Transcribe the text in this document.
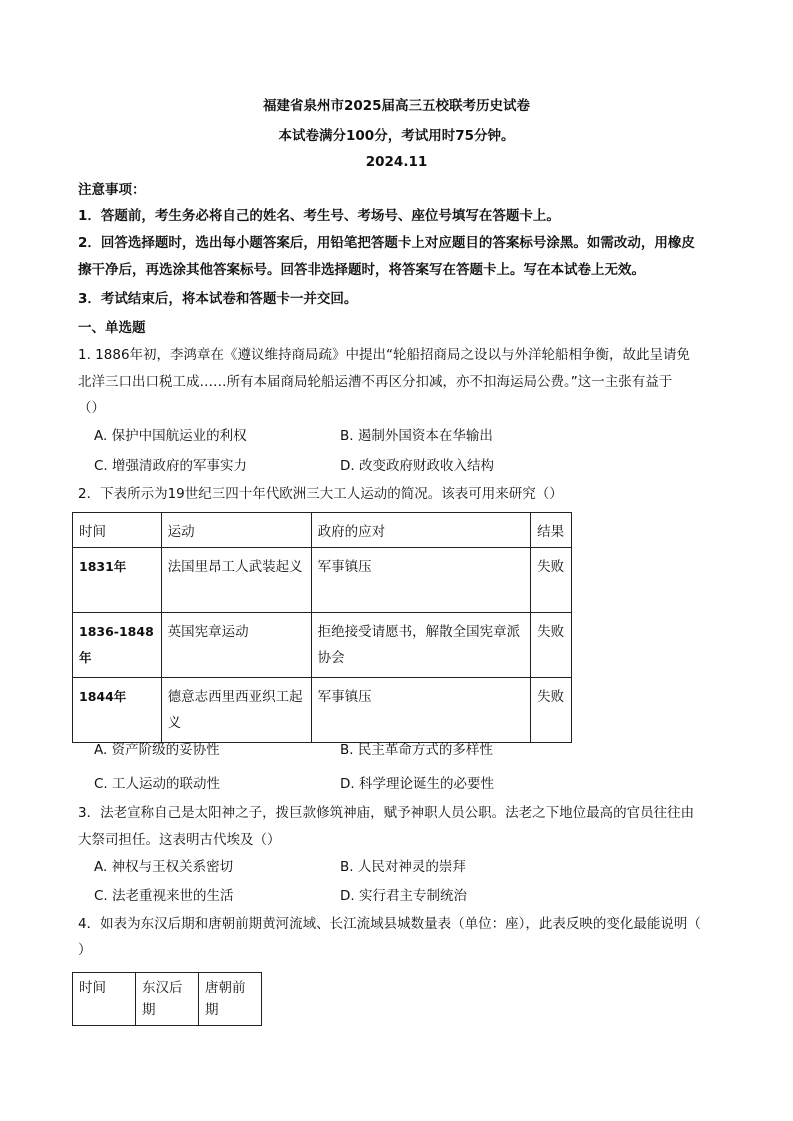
福建省泉州市2025届高三五校联考历史试卷
本试卷满分100分，考试用时75分钟。
2024.11
注意事项：
1．答题前，考生务必将自己的姓名、考生号、考场号、座位号填写在答题卡上。
2．回答选择题时，选出每小题答案后，用铅笔把答题卡上对应题目的答案标号涂黑。如需改动，用橡皮
擦干净后，再选涂其他答案标号。回答非选择题时，将答案写在答题卡上。写在本试卷上无效。
3．考试结束后，将本试卷和答题卡一并交回。
一、单选题
1. 1886年初，李鸿章在《遵议维持商局疏》中提出“轮船招商局之设以与外洋轮船相争衡，故此呈请免
北洋三口出口税工成……所有本届商局轮船运漕不再区分扣减，亦不扣海运局公费。”这一主张有益于
（）
A. 保护中国航运业的利权	B. 遏制外国资本在华输出
C. 增强清政府的军事实力	D. 改变政府财政收入结构
2．下表所示为19世纪三四十年代欧洲三大工人运动的简况。该表可用来研究（）
时间	运动	政府的应对	结果
1831年	法国里昂工人武装起义	军事镇压	失败
1836-1848年	英国宪章运动	拒绝接受请愿书，解散全国宪章派协会	失败
1844年	德意志西里西亚织工起义	军事镇压	失败
A. 资产阶级的妥协性	B. 民主革命方式的多样性
C. 工人运动的联动性	D. 科学理论诞生的必要性
3．法老宣称自己是太阳神之子，拨巨款修筑神庙，赋予神职人员公职。法老之下地位最高的官员往往由
大祭司担任。这表明古代埃及（）
A. 神权与王权关系密切	B. 人民对神灵的崇拜
C. 法老重视来世的生活	D. 实行君主专制统治
4．如表为东汉后期和唐朝前期黄河流域、长江流域县城数量表（单位：座），此表反映的变化最能说明（
）
时间	东汉后期	唐朝前期
